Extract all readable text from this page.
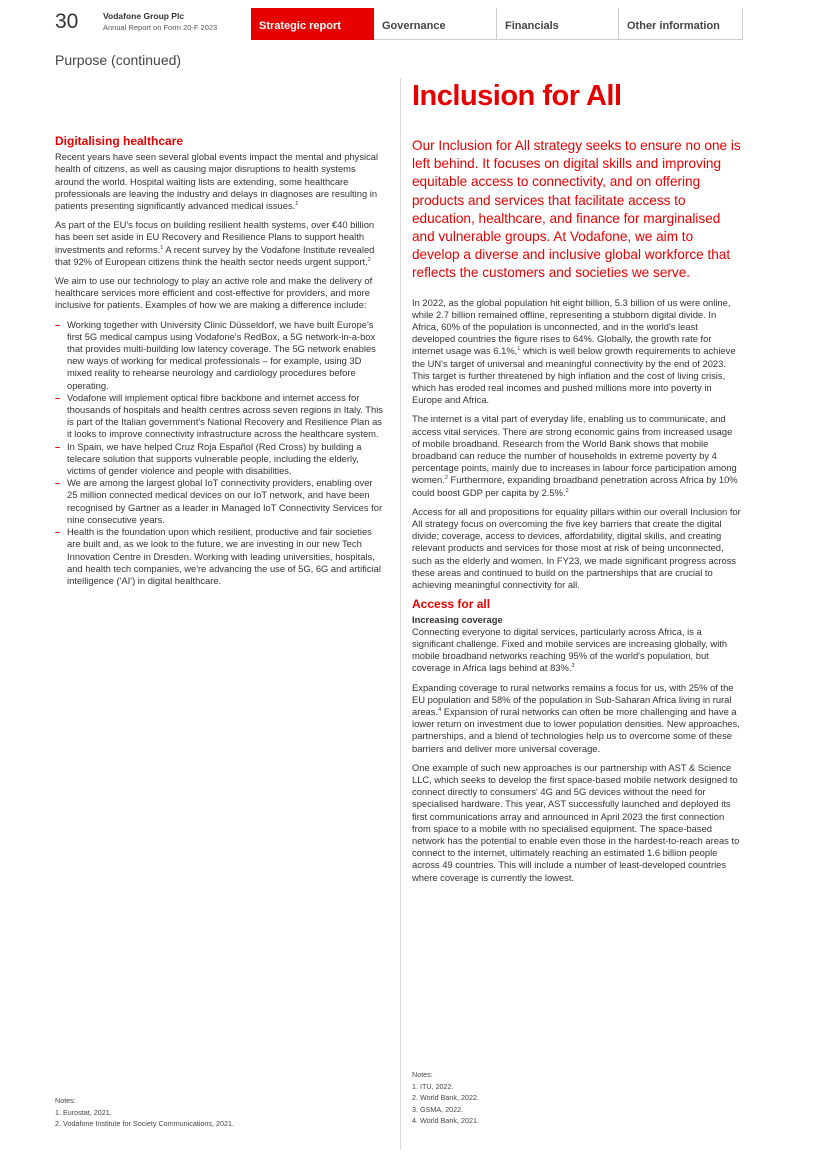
30	Vodafone Group Plc
Annual Report on Form 20-F 2023	Strategic report	Governance	Financials	Other information
Purpose (continued)
Digitalising healthcare

Recent years have seen several global events impact the mental and physical health of citizens, as well as causing major disruptions to health systems around the world. Hospital waiting lists are extending, some healthcare professionals are leaving the industry and delays in diagnoses are resulting in patients presenting significantly advanced medical issues.$^1$

As part of the EU's focus on building resilient health systems, over €40 billion has been set aside in EU Recovery and Resilience Plans to support health investments and reforms.$^1$ A recent survey by the Vodafone Institute revealed that 92% of European citizens think the health sector needs urgent support.$^2$

We aim to use our technology to play an active role and make the delivery of healthcare services more efficient and cost-effective for providers, and more inclusive for patients. Examples of how we are making a difference include:

– Working together with University Clinic Düsseldorf, we have built Europe's first 5G medical campus using Vodafone's RedBox, a 5G network-in-a-box that provides multi-building low latency coverage. The 5G network enables new ways of working for medical professionals – for example, using 3D mixed reality to rehearse neurology and cardiology procedures before operating.
– Vodafone will implement optical fibre backbone and internet access for thousands of hospitals and health centres across seven regions in Italy. This is part of the Italian government's National Recovery and Resilience Plan as it looks to improve connectivity infrastructure across the healthcare system.
– In Spain, we have helped Cruz Roja Español (Red Cross) by building a telecare solution that supports vulnerable people, including the elderly, victims of gender violence and people with disabilities.
– We are among the largest global IoT connectivity providers, enabling over 25 million connected medical devices on our IoT network, and have been recognised by Gartner as a leader in Managed IoT Connectivity Services for nine consecutive years.
– Health is the foundation upon which resilient, productive and fair societies are built and, as we look to the future, we are investing in our new Tech Innovation Centre in Dresden. Working with leading universities, hospitals, and health tech companies, we're advancing the use of 5G, 6G and artificial intelligence ('AI') in digital healthcare.
Notes:
1. Eurostat, 2021.
2. Vodafone Institute for Society Communications, 2021.
Inclusion for All
Our Inclusion for All strategy seeks to ensure no one is left behind. It focuses on digital skills and improving equitable access to connectivity, and on offering products and services that facilitate access to education, healthcare, and finance for marginalised and vulnerable groups. At Vodafone, we aim to develop a diverse and inclusive global workforce that reflects the customers and societies we serve.

In 2022, as the global population hit eight billion, 5.3 billion of us were online, while 2.7 billion remained offline, representing a stubborn digital divide. In Africa, 60% of the population is unconnected, and in the world's least developed countries the figure rises to 64%. Globally, the growth rate for internet usage was 6.1%,$^1$ which is well below growth requirements to achieve the UN's target of universal and meaningful connectivity by the end of 2023. This target is further threatened by high inflation and the cost of living crisis, which has eroded real incomes and pushed millions more into poverty in Europe and Africa.

The internet is a vital part of everyday life, enabling us to communicate, and access vital services. There are strong economic gains from increased usage of mobile broadband. Research from the World Bank shows that mobile broadband can reduce the number of households in extreme poverty by 4 percentage points, mainly due to increases in labour force participation among women.$^2$ Furthermore, expanding broadband penetration across Africa by 10% could boost GDP per capita by 2.5%.$^2$

Access for all and propositions for equality pillars within our overall Inclusion for All strategy focus on overcoming the five key barriers that create the digital divide; coverage, access to devices, affordability, digital skills, and creating relevant products and services for those most at risk of being unconnected, such as the elderly and women. In FY23, we made significant progress across these areas and continued to build on the partnerships that are crucial to achieving meaningful connectivity for all.

Access for all
Increasing coverage

Connecting everyone to digital services, particularly across Africa, is a significant challenge. Fixed and mobile services are increasing globally, with mobile broadband networks reaching 95% of the world's population, but coverage in Africa lags behind at 83%.$^3$

Expanding coverage to rural networks remains a focus for us, with 25% of the EU population and 58% of the population in Sub-Saharan Africa living in rural areas.$^4$ Expansion of rural networks can often be more challenging and have a lower return on investment due to lower population densities. New approaches, partnerships, and a blend of technologies help us to overcome some of these barriers and deliver more universal coverage.

One example of such new approaches is our partnership with AST & Science LLC, which seeks to develop the first space-based mobile network designed to connect directly to consumers' 4G and 5G devices without the need for specialised hardware. This year, AST successfully launched and deployed its first communications array and announced in April 2023 the first connection from space to a mobile with no specialised equipment. The space-based network has the potential to enable even those in the hardest-to-reach areas to connect to the internet, ultimately reaching an estimated 1.6 billion people across 49 countries. This will include a number of least-developed countries where coverage is currently the lowest.

Notes:
1. ITU, 2022.
2. World Bank, 2022.
3. GSMA, 2022.
4. World Bank, 2021.
